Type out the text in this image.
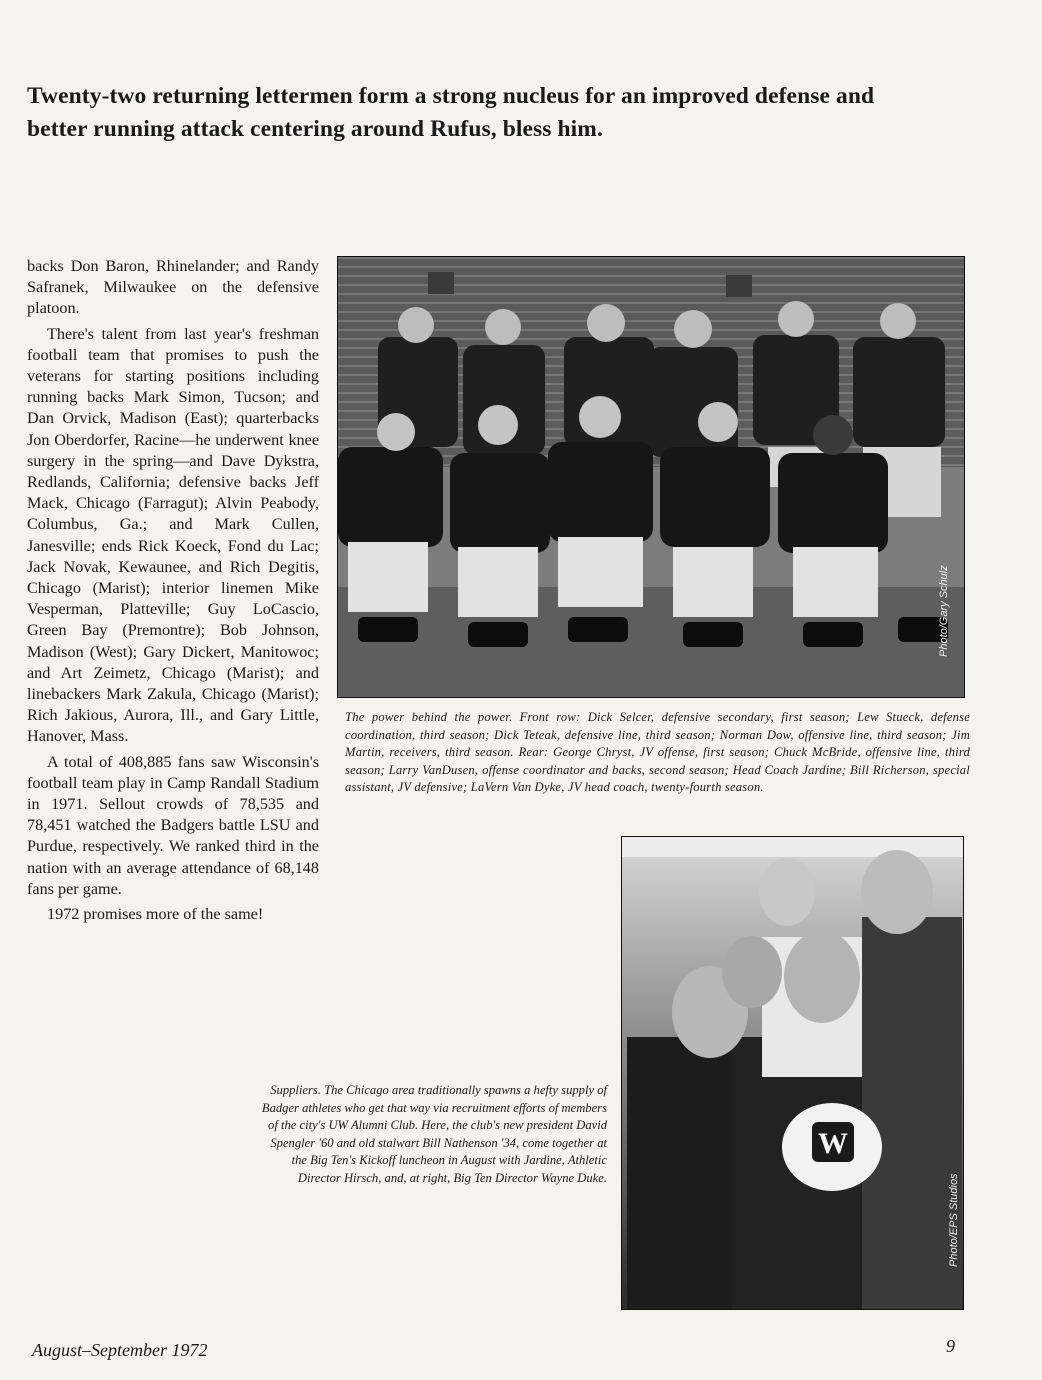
Twenty-two returning lettermen form a strong nucleus for an improved defense and better running attack centering around Rufus, bless him.

backs Don Baron, Rhinelander; and Randy Safranek, Milwaukee on the defensive platoon.

There's talent from last year's freshman football team that promises to push the veterans for starting positions including running backs Mark Simon, Tucson; and Dan Orvick, Madison (East); quarterbacks Jon Oberdorfer, Racine—he underwent knee surgery in the spring—and Dave Dykstra, Redlands, California; defensive backs Jeff Mack, Chicago (Farragut); Alvin Peabody, Columbus, Ga.; and Mark Cullen, Janesville; ends Rick Koeck, Fond du Lac; Jack Novak, Kewaunee, and Rich Degitis, Chicago (Marist); interior linemen Mike Vesperman, Platteville; Guy LoCascio, Green Bay (Premontre); Bob Johnson, Madison (West); Gary Dickert, Manitowoc; and Art Zeimetz, Chicago (Marist); and linebackers Mark Zakula, Chicago (Marist); Rich Jakious, Aurora, Ill., and Gary Little, Hanover, Mass.

A total of 408,885 fans saw Wisconsin's football team play in Camp Randall Stadium in 1971. Sellout crowds of 78,535 and 78,451 watched the Badgers battle LSU and Purdue, respectively. We ranked third in the nation with an average attendance of 68,148 fans per game.

1972 promises more of the same!

Photo/Gary Schulz
The power behind the power. Front row: Dick Selcer, defensive secondary, first season; Lew Stueck, defense coordination, third season; Dick Teteak, defensive line, third season; Norman Dow, offensive line, third season; Jim Martin, receivers, third season. Rear: George Chryst, JV offense, first season; Chuck McBride, offensive line, third season; Larry VanDusen, offense coordinator and backs, second season; Head Coach Jardine; Bill Richerson, special assistant, JV defensive; LaVern Van Dyke, JV head coach, twenty-fourth season.
W
Photo/EPS Studios
Suppliers. The Chicago area traditionally spawns a hefty supply of Badger athletes who get that way via recruitment efforts of members of the city's UW Alumni Club. Here, the club's new president David Spengler '60 and old stalwart Bill Nathenson '34, come together at the Big Ten's Kickoff luncheon in August with Jardine, Athletic Director Hirsch, and, at right, Big Ten Director Wayne Duke.
August–September 1972	9
